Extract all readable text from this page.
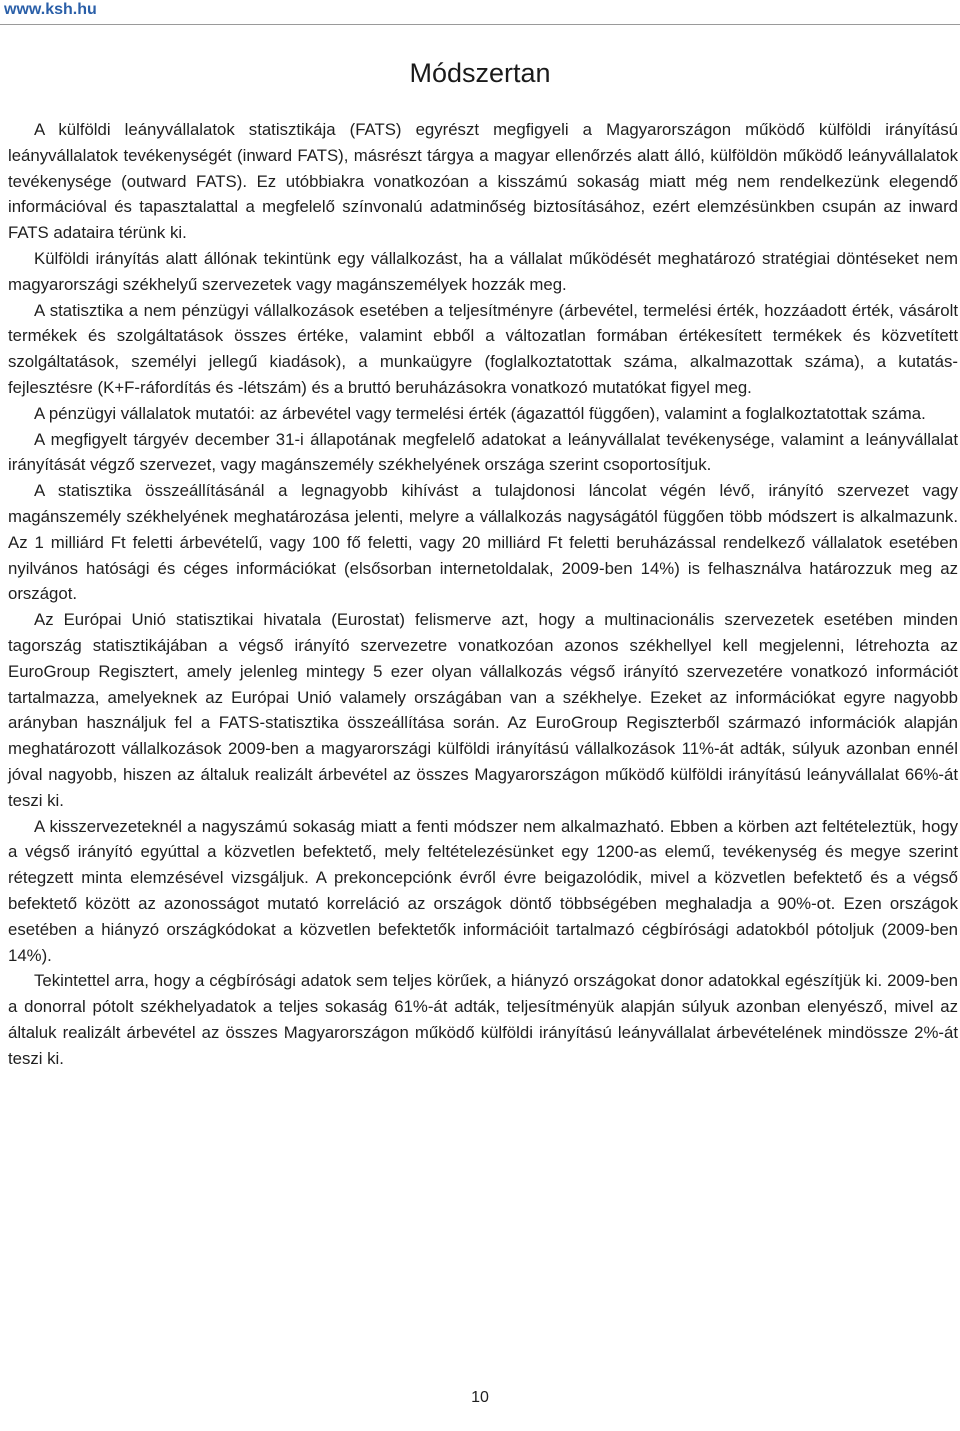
www.ksh.hu
Módszertan

A külföldi leányvállalatok statisztikája (FATS) egyrészt megfigyeli a Magyarországon működő külföldi irányítású leányvállalatok tevékenységét (inward FATS), másrészt tárgya a magyar ellenőrzés alatt álló, külföldön működő leányvállalatok tevékenysége (outward FATS). Ez utóbbiakra vonatkozóan a kisszámú sokaság miatt még nem rendelkezünk elegendő információval és tapasztalattal a megfelelő színvonalú adatminőség biztosításához, ezért elemzésünkben csupán az inward FATS adataira térünk ki.

Külföldi irányítás alatt állónak tekintünk egy vállalkozást, ha a vállalat működését meghatározó stratégiai döntéseket nem magyarországi székhelyű szervezetek vagy magánszemélyek hozzák meg.

A statisztika a nem pénzügyi vállalkozások esetében a teljesítményre (árbevétel, termelési érték, hozzáadott érték, vásárolt termékek és szolgáltatások összes értéke, valamint ebből a változatlan formában értékesített termékek és közvetített szolgáltatások, személyi jellegű kiadások), a munkaügyre (foglalkoztatottak száma, alkalmazottak száma), a kutatás-fejlesztésre (K+F-ráfordítás és -létszám) és a bruttó beruházásokra vonatkozó mutatókat figyel meg.

A pénzügyi vállalatok mutatói: az árbevétel vagy termelési érték (ágazattól függően), valamint a foglalkoztatottak száma.

A megfigyelt tárgyév december 31-i állapotának megfelelő adatokat a leányvállalat tevékenysége, valamint a leányvállalat irányítását végző szervezet, vagy magánszemély székhelyének országa szerint csoportosítjuk.

A statisztika összeállításánál a legnagyobb kihívást a tulajdonosi láncolat végén lévő, irányító szervezet vagy magánszemély székhelyének meghatározása jelenti, melyre a vállalkozás nagyságától függően több módszert is alkalmazunk. Az 1 milliárd Ft feletti árbevételű, vagy 100 fő feletti, vagy 20 milliárd Ft feletti beruházással rendelkező vállalatok esetében nyilvános hatósági és céges információkat (elsősorban internetoldalak, 2009-ben 14%) is felhasználva határozzuk meg az országot.

Az Európai Unió statisztikai hivatala (Eurostat) felismerve azt, hogy a multinacionális szervezetek esetében minden tagország statisztikájában a végső irányító szervezetre vonatkozóan azonos székhellyel kell megjelenni, létrehozta az EuroGroup Regisztert, amely jelenleg mintegy 5 ezer olyan vállalkozás végső irányító szervezetére vonatkozó információt tartalmazza, amelyeknek az Európai Unió valamely országában van a székhelye. Ezeket az információkat egyre nagyobb arányban használjuk fel a FATS-statisztika összeállítása során. Az EuroGroup Regiszterből származó információk alapján meghatározott vállalkozások 2009-ben a magyarországi külföldi irányítású vállalkozások 11%-át adták, súlyuk azonban ennél jóval nagyobb, hiszen az általuk realizált árbevétel az összes Magyarországon működő külföldi irányítású leányvállalat 66%-át teszi ki.

A kisszervezeteknél a nagyszámú sokaság miatt a fenti módszer nem alkalmazható. Ebben a körben azt feltételeztük, hogy a végső irányító egyúttal a közvetlen befektető, mely feltételezésünket egy 1200-as elemű, tevékenység és megye szerint rétegzett minta elemzésével vizsgáljuk. A prekoncepciónk évről évre beigazolódik, mivel a közvetlen befektető és a végső befektető között az azonosságot mutató korreláció az országok döntő többségében meghaladja a 90%-ot. Ezen országok esetében a hiányzó országkódokat a közvetlen befektetők információit tartalmazó cégbírósági adatokból pótoljuk (2009-ben 14%).

Tekintettel arra, hogy a cégbírósági adatok sem teljes körűek, a hiányzó országokat donor adatokkal egészítjük ki. 2009-ben a donorral pótolt székhelyadatok a teljes sokaság 61%-át adták, teljesítményük alapján súlyuk azonban elenyésző, mivel az általuk realizált árbevétel az összes Magyarországon működő külföldi irányítású leányvállalat árbevételének mindössze 2%-át teszi ki.

10
